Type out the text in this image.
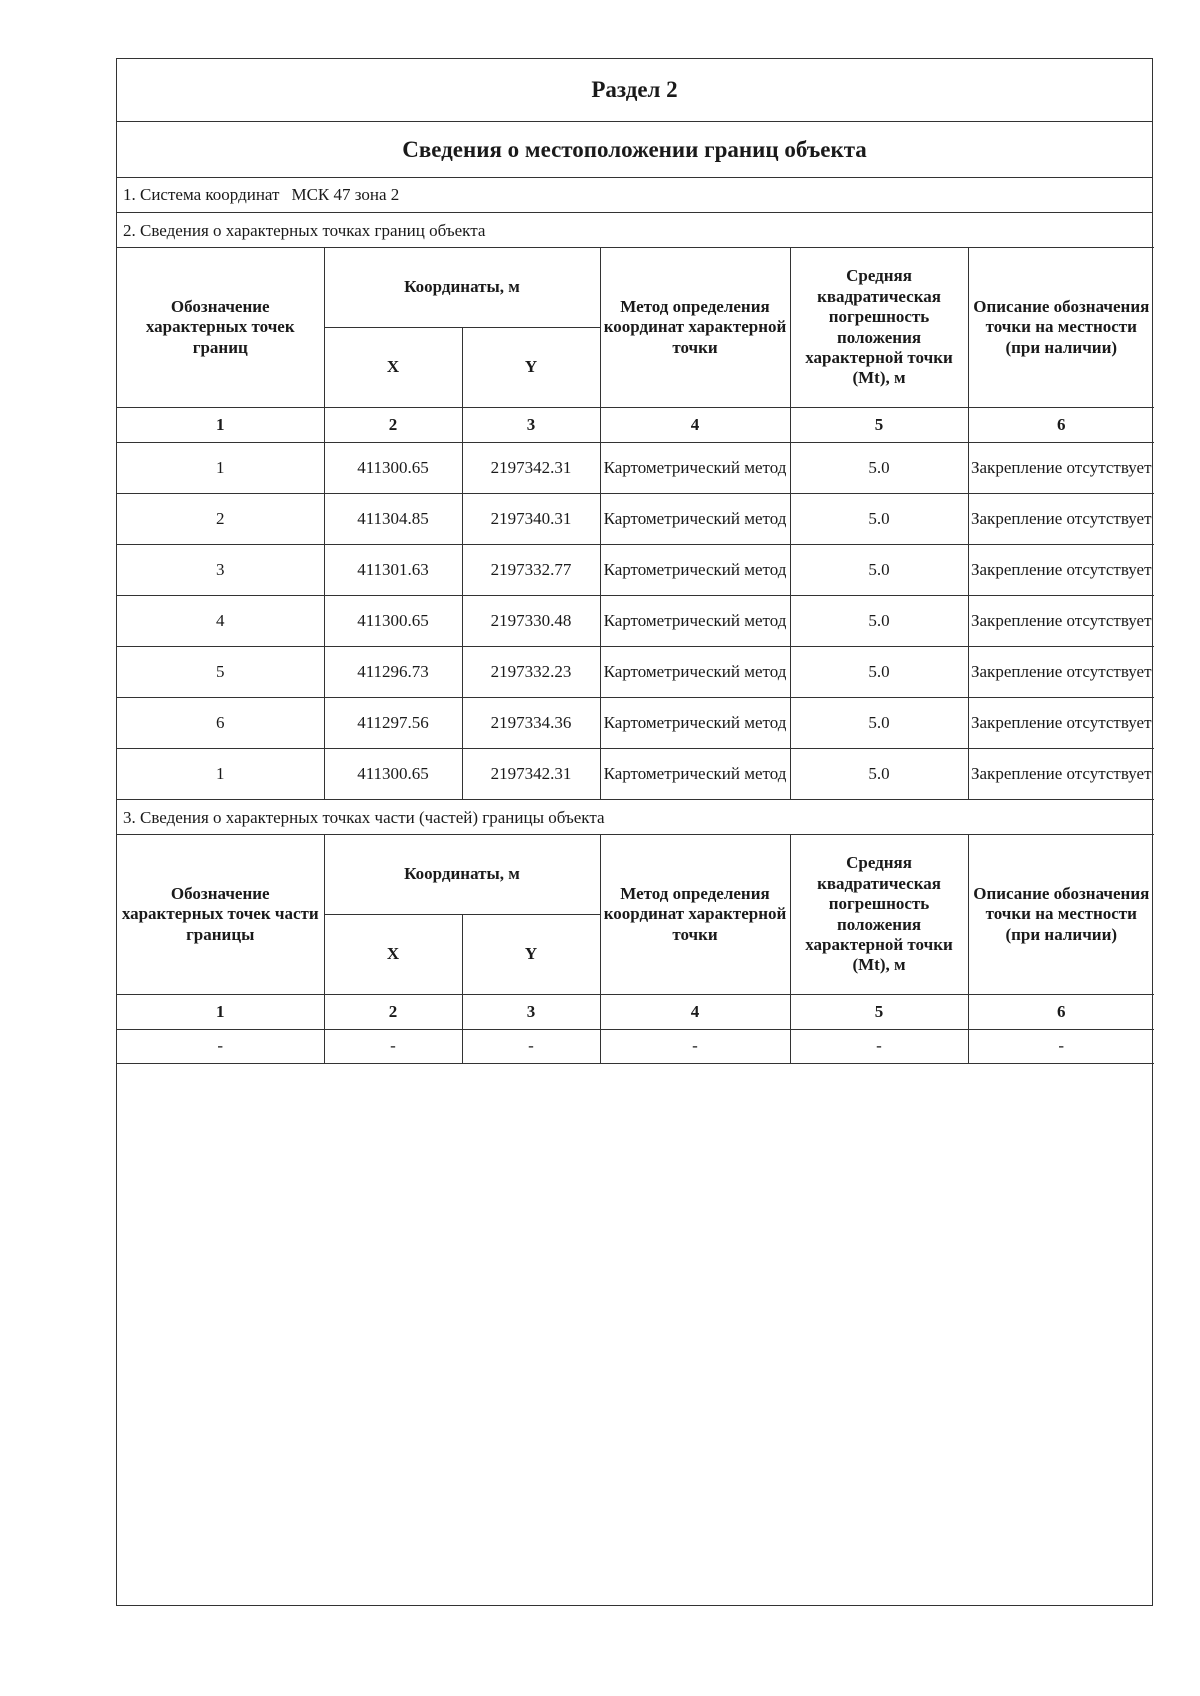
Раздел 2
Сведения о местоположении границ объекта
1. Система координат МСК 47 зона 2
2. Сведения о характерных точках границ объекта
Обозначение характерных точек границ	Координаты, м		Метод определения координат характерной точки	Средняя квадратическая погрешность положения характерной точки (Mt), м	Описание обозначения точки на местности (при наличии)
	X	Y			
1	2	3	4	5	6
1	411300.65	2197342.31	Картометрический метод	5.0	Закрепление отсутствует
2	411304.85	2197340.31	Картометрический метод	5.0	Закрепление отсутствует
3	411301.63	2197332.77	Картометрический метод	5.0	Закрепление отсутствует
4	411300.65	2197330.48	Картометрический метод	5.0	Закрепление отсутствует
5	411296.73	2197332.23	Картометрический метод	5.0	Закрепление отсутствует
6	411297.56	2197334.36	Картометрический метод	5.0	Закрепление отсутствует
1	411300.65	2197342.31	Картометрический метод	5.0	Закрепление отсутствует
3. Сведения о характерных точках части (частей) границы объекта
Обозначение характерных точек части границы	Координаты, м		Метод определения координат характерной точки	Средняя квадратическая погрешность положения характерной точки (Mt), м	Описание обозначения точки на местности (при наличии)
	X	Y			
1	2	3	4	5	6
-	-	-	-	-	-
